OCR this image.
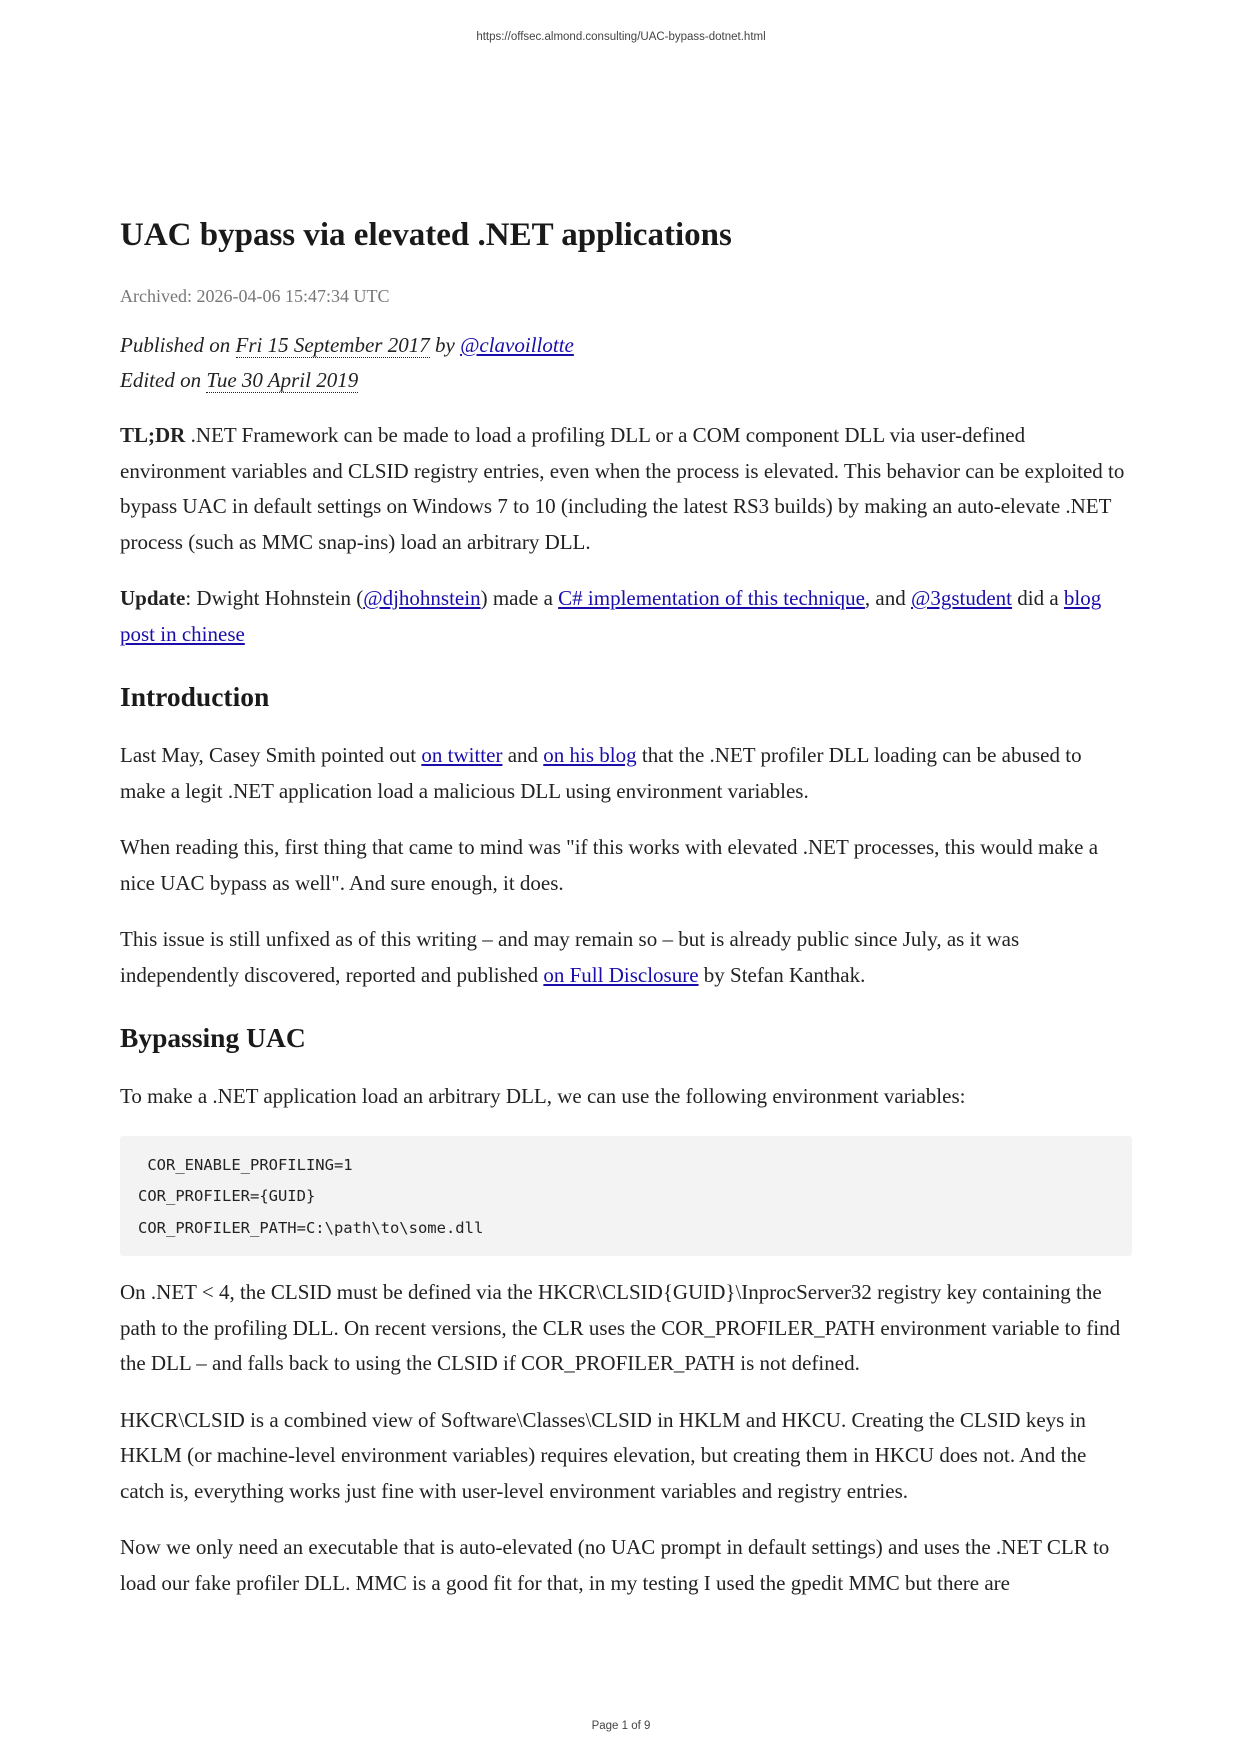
https://offsec.almond.consulting/UAC-bypass-dotnet.html
UAC bypass via elevated .NET applications
Archived: 2026-04-06 15:47:34 UTC
Published on Fri 15 September 2017 by @clavoillotte
Edited on Tue 30 April 2019

TL;DR .NET Framework can be made to load a profiling DLL or a COM component DLL via user-defined environment variables and CLSID registry entries, even when the process is elevated. This behavior can be exploited to bypass UAC in default settings on Windows 7 to 10 (including the latest RS3 builds) by making an auto-elevate .NET process (such as MMC snap-ins) load an arbitrary DLL.

Update: Dwight Hohnstein (@djhohnstein) made a C# implementation of this technique, and @3gstudent did a blog post in chinese

Introduction

Last May, Casey Smith pointed out on twitter and on his blog that the .NET profiler DLL loading can be abused to make a legit .NET application load a malicious DLL using environment variables.

When reading this, first thing that came to mind was "if this works with elevated .NET processes, this would make a nice UAC bypass as well". And sure enough, it does.

This issue is still unfixed as of this writing – and may remain so – but is already public since July, as it was independently discovered, reported and published on Full Disclosure by Stefan Kanthak.

Bypassing UAC

To make a .NET application load an arbitrary DLL, we can use the following environment variables:

COR_ENABLE_PROFILING=1
COR_PROFILER={GUID}
COR_PROFILER_PATH=C:\path\to\some.dll

On .NET < 4, the CLSID must be defined via the HKCR\CLSID{GUID}\InprocServer32 registry key containing the path to the profiling DLL. On recent versions, the CLR uses the COR_PROFILER_PATH environment variable to find the DLL – and falls back to using the CLSID if COR_PROFILER_PATH is not defined.

HKCR\CLSID is a combined view of Software\Classes\CLSID in HKLM and HKCU. Creating the CLSID keys in HKLM (or machine-level environment variables) requires elevation, but creating them in HKCU does not. And the catch is, everything works just fine with user-level environment variables and registry entries.

Now we only need an executable that is auto-elevated (no UAC prompt in default settings) and uses the .NET CLR to load our fake profiler DLL. MMC is a good fit for that, in my testing I used the gpedit MMC but there are

Page 1 of 9
